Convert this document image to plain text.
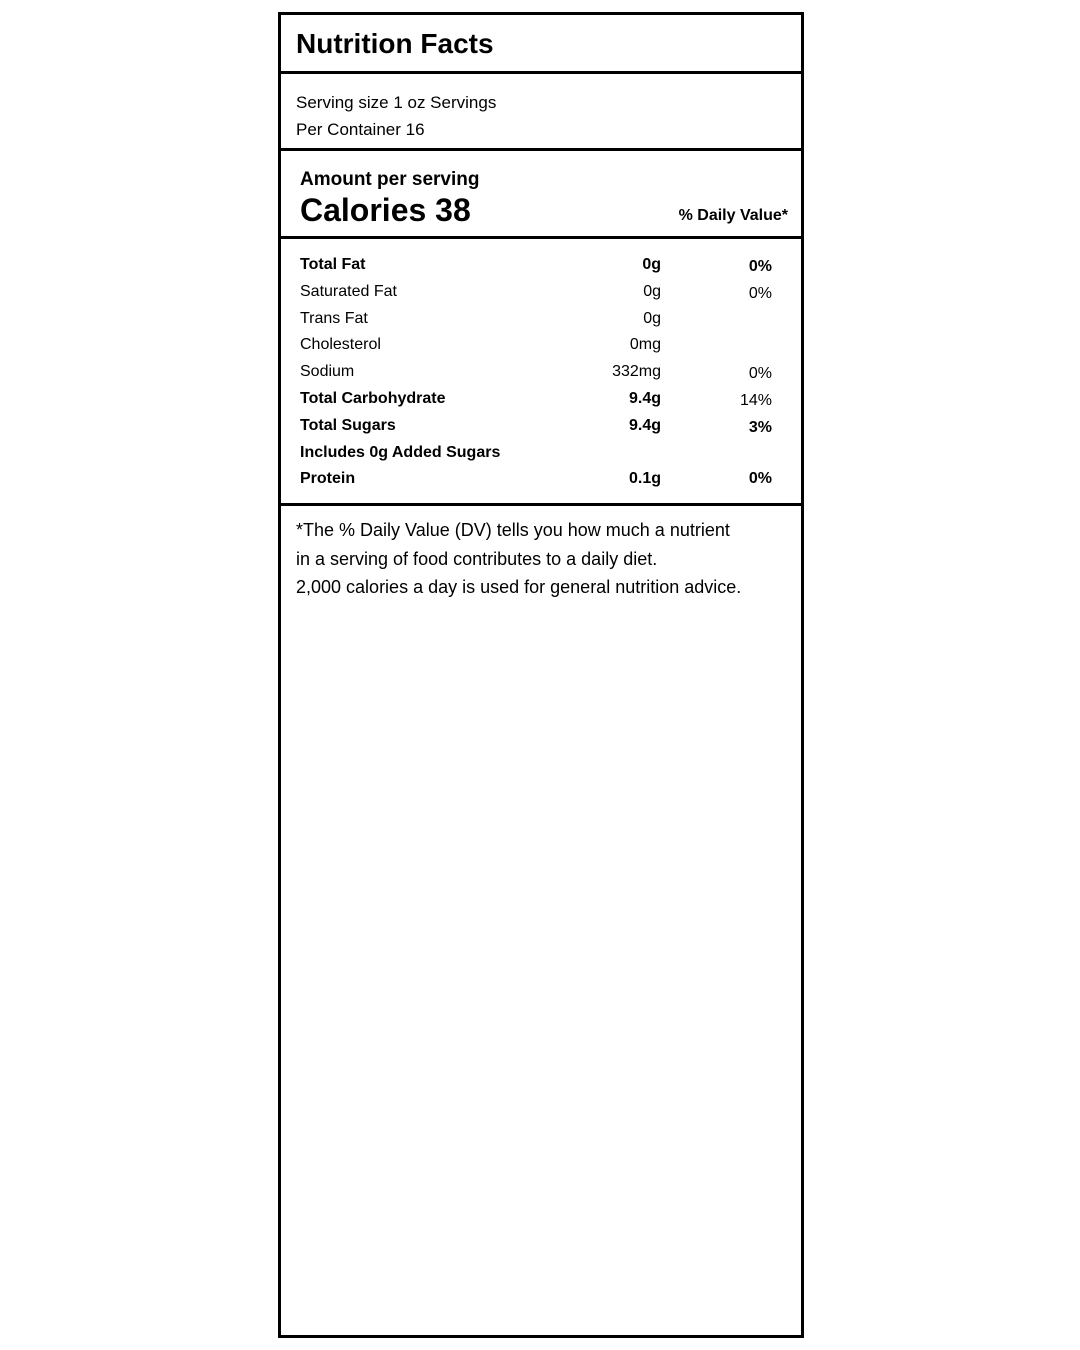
Nutrition Facts
Serving size 1 oz Servings
Per Container 16
Amount per serving
Calories 38	% Daily Value*
Total Fat	0g	0%
Saturated Fat	0g	0%
Trans Fat	0g
Cholesterol	0mg
Sodium	332mg	0%
Total Carbohydrate	9.4g	14%
Total Sugars	9.4g	3%
Includes 0g Added Sugars
Protein	0.1g	0%
*The % Daily Value (DV) tells you how much a nutrient
in a serving of food contributes to a daily diet.
2,000 calories a day is used for general nutrition advice.
